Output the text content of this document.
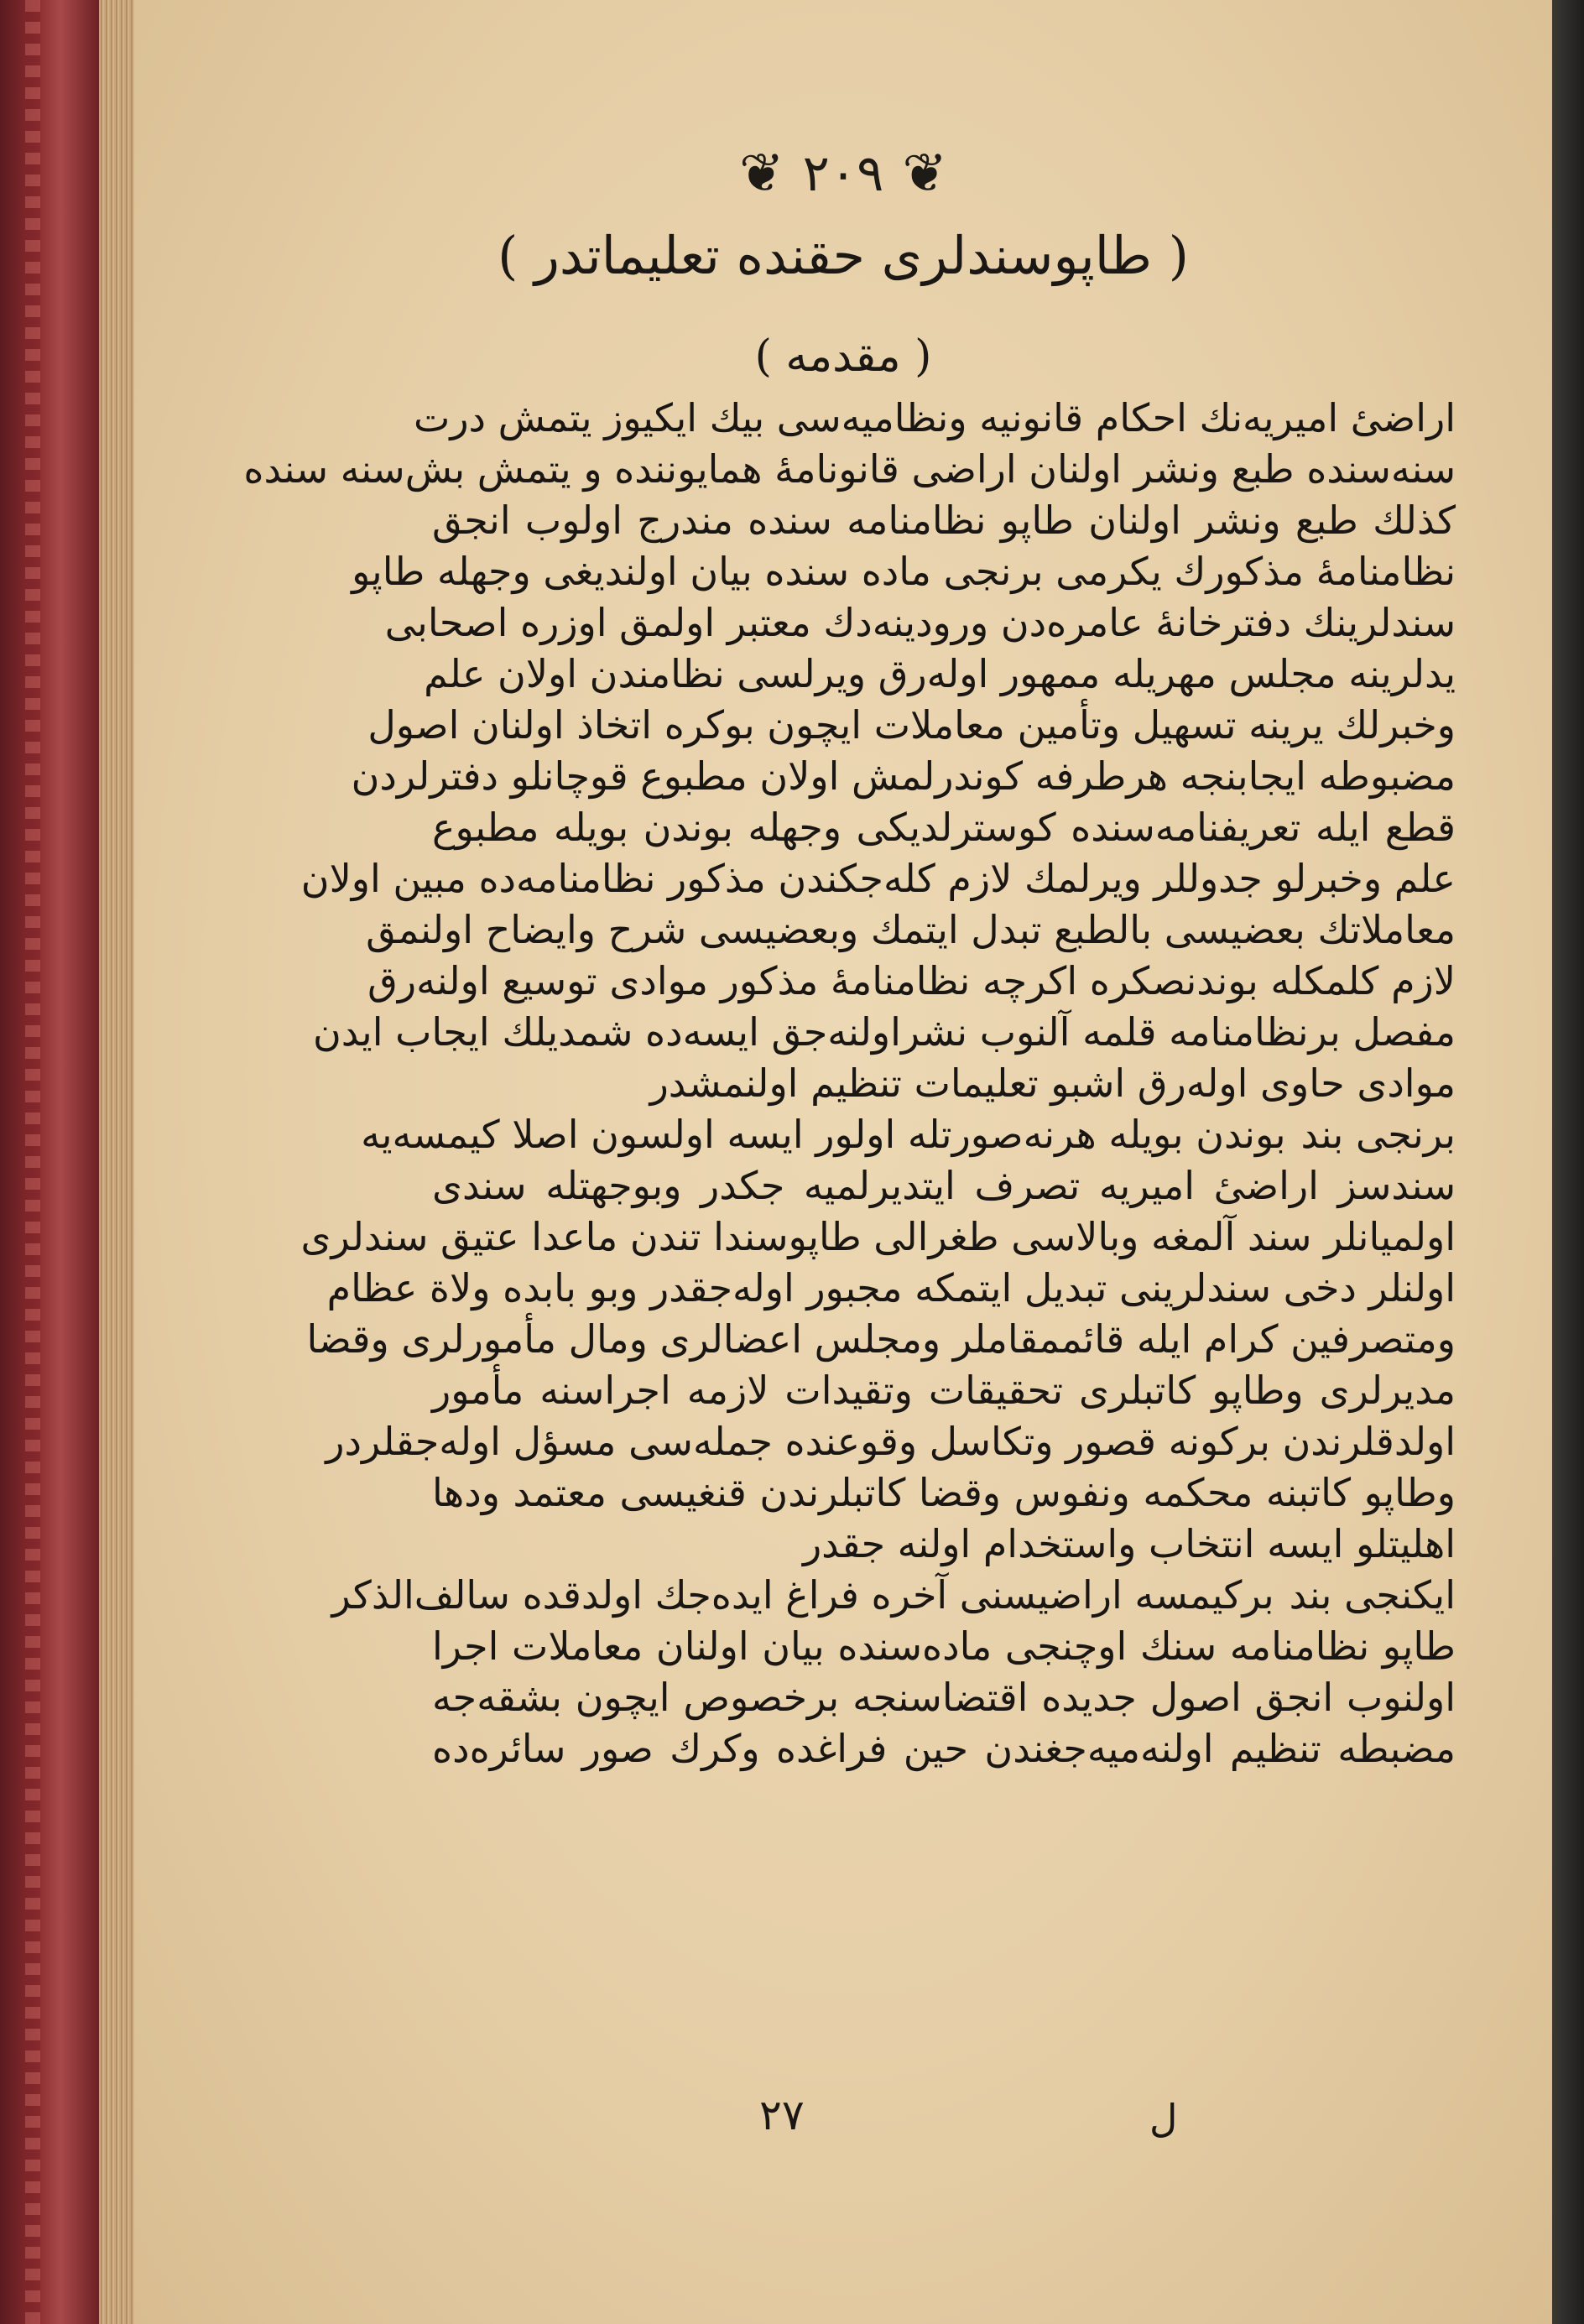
❦ ٢٠٩ ❦
( طاپوسندلری حقنده تعلیماتدر )
( مقدمه )
اراضیٔ امیریه‌نك احکام قانونیه ونظامیه‌سی بیك ایکیوز یتمش درت
سنه‌سنده طبع ونشر اولنان اراضی قانونامهٔ همایوننده و یتمش بش‌سنه سنده
کذلك طبع ونشر اولنان طاپو نظامنامه سنده مندرج اولوب انجق
نظامنامهٔ مذکورك یکرمی برنجی ماده سنده بیان اولندیغی وجهله طاپو
سندلرینك دفترخانهٔ عامره‌دن ورودینه‌دك معتبر اولمق اوزره اصحابی
یدلرینه مجلس مهریله ممهور اوله‌رق ویرلسی نظامندن اولان علم
وخبرلك یرینه تسهیل وتأمین معاملات ایچون بوکره اتخاذ اولنان اصول
مضبوطه ایجابنجه هرطرفه کوندرلمش اولان مطبوع قوچانلو دفترلردن
قطع ایله تعریفنامه‌سنده کوسترلدیکی وجهله بوندن بویله مطبوع
علم وخبرلو جدوللر ویرلمك لازم کله‌جکندن مذکور نظامنامه‌ده مبین اولان
معاملاتك بعضیسی بالطبع تبدل ایتمك وبعضیسی شرح وایضاح اولنمق
لازم کلمکله بوندنصکره اکرچه نظامنامهٔ مذکور موادی توسیع اولنه‌رق
مفصل برنظامنامه قلمه آلنوب نشراولنه‌جق ایسه‌ده شمدیلك ایجاب ایدن
موادی حاوی اوله‌رق اشبو تعلیمات تنظیم اولنمشدر
برنجی بندبوندن بویله هرنه‌صورتله اولور ایسه اولسون اصلا کیمسه‌یه
سندسز اراضیٔ امیریه تصرف ایتدیرلمیه جکدر وبوجهتله سندی
اولمیانلر سند آلمغه وبالاسی طغرالی طاپوسندا تندن ماعدا عتیق سندلری
اولنلر دخی سندلرینی تبدیل ایتمکه مجبور اوله‌جقدر وبو بابده ولاة عظام
ومتصرفین کرام ایله قائممقاملر ومجلس اعضالری ومال مأمورلری وقضا
مدیرلری وطاپو کاتبلری تحقیقات وتقیدات لازمه اجراسنه مأمور
اولدقلرندن برکونه قصور وتکاسل وقوعنده جمله‌سی مسؤل اوله‌جقلردر
وطاپو کاتبنه محکمه ونفوس وقضا کاتبلرندن قنغیسی معتمد ودها
اهلیتلو ایسه انتخاب واستخدام اولنه جقدر
ایکنجی بندبرکیمسه اراضیسنی آخره فراغ ایده‌جك اولدقده سالف‌الذکر
طاپو نظامنامه سنك اوچنجی ماده‌سنده بیان اولنان معاملات اجرا
اولنوب انجق اصول جدیده اقتضاسنجه برخصوص ایچون بشقه‌جه
مضبطه تنظیم اولنه‌میه‌جغندن حین فراغده وکرك صور سائره‌ده
٢٧	ل
